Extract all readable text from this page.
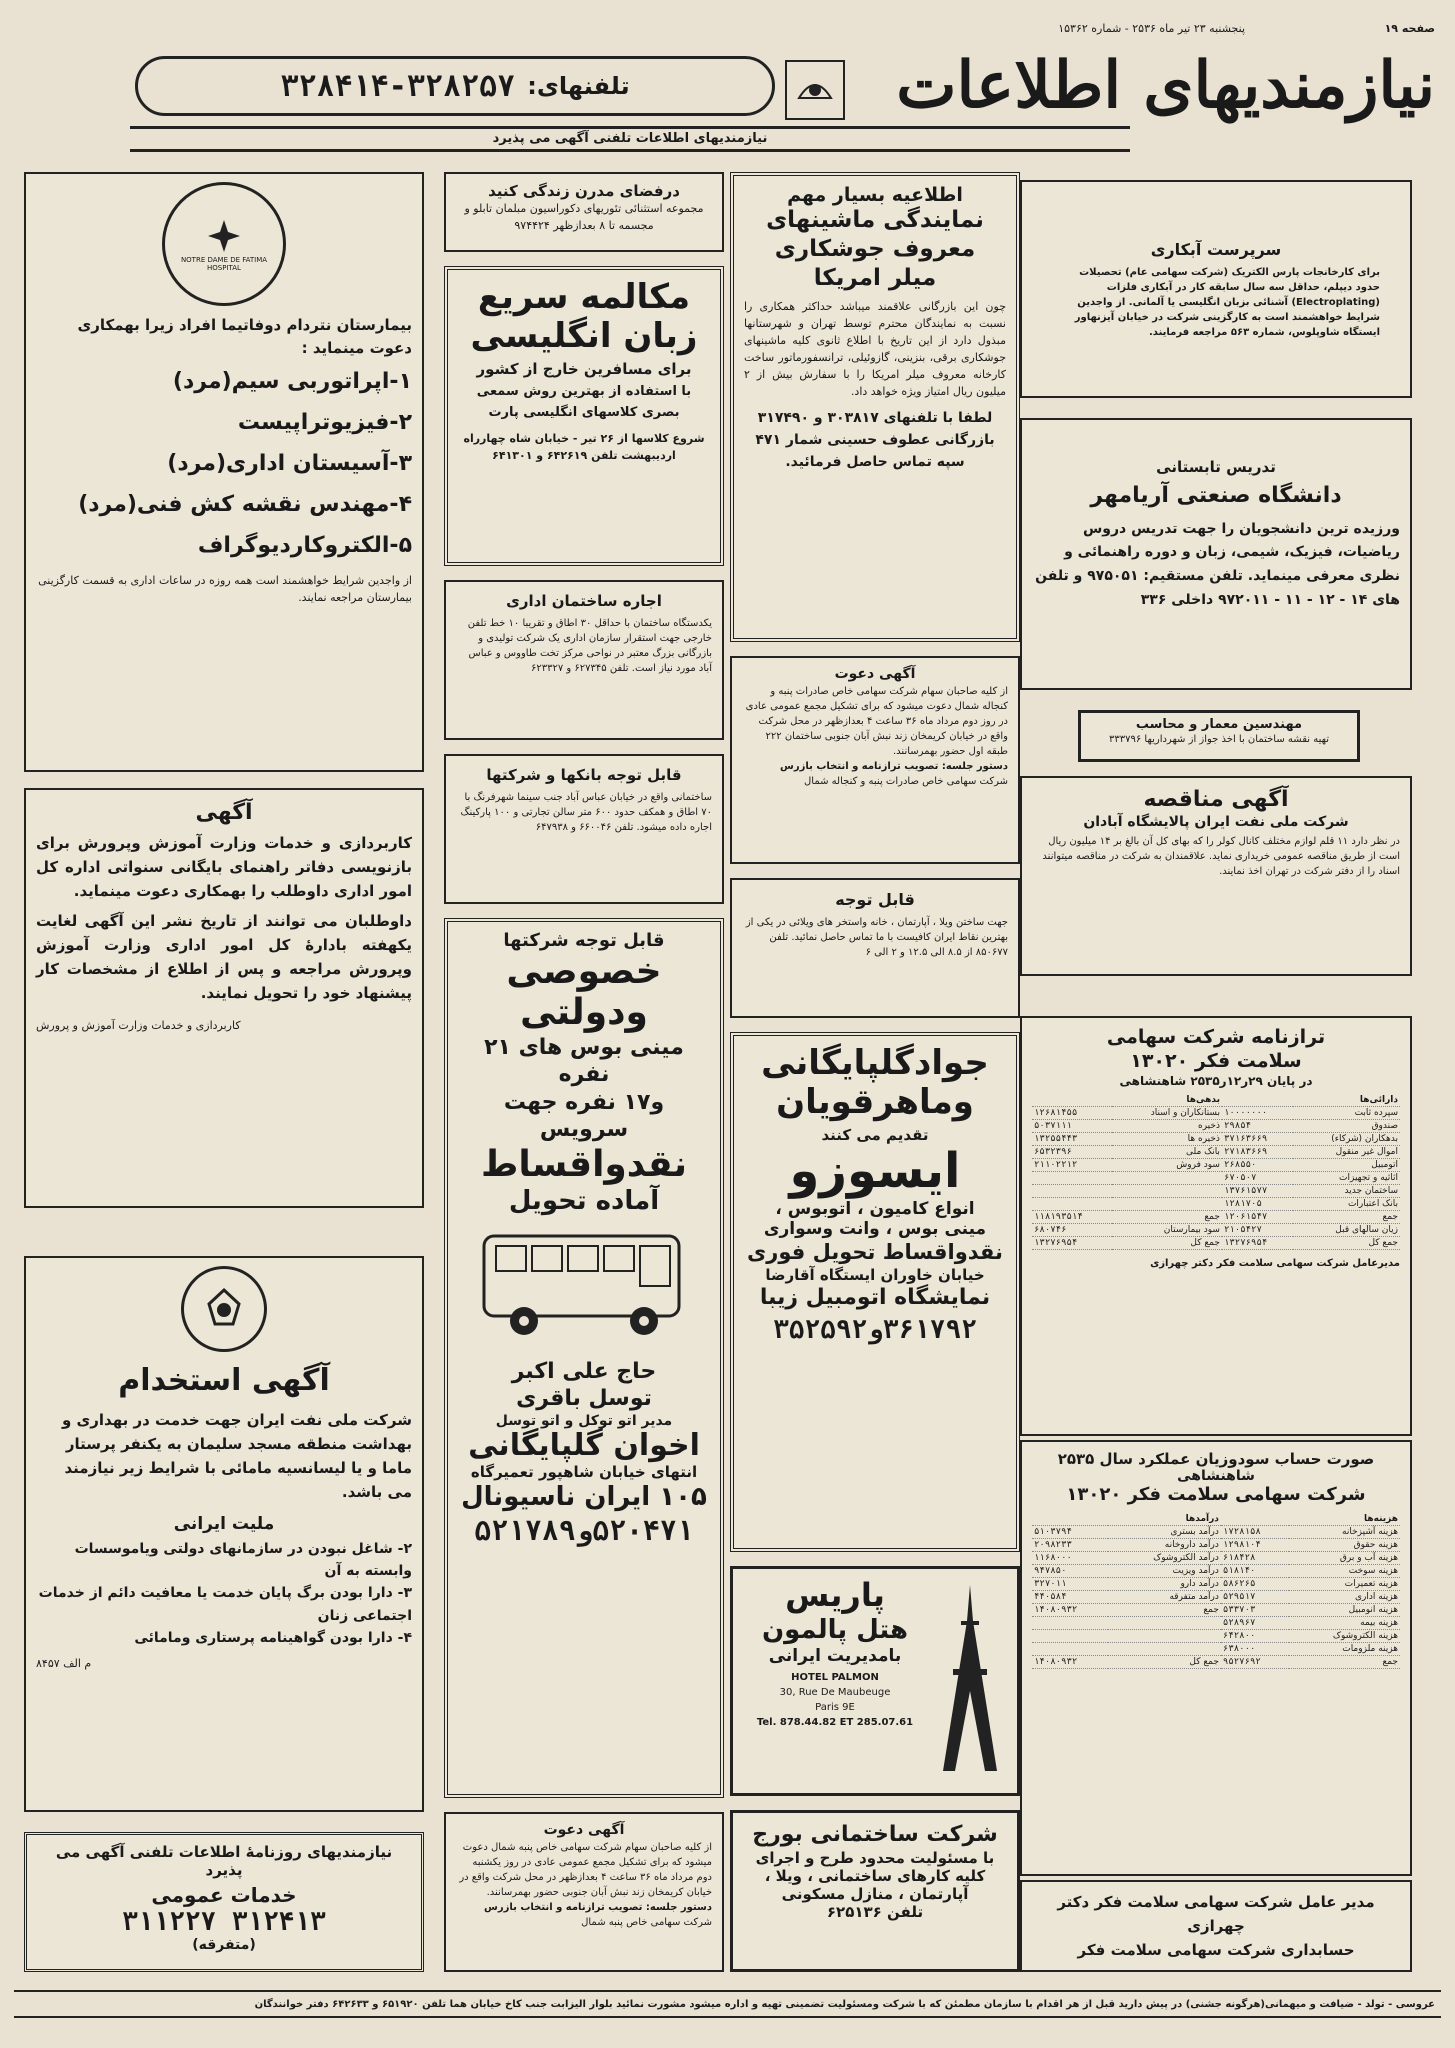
صفحه ۱۹
پنجشنبه ۲۳ تیر ماه ۲۵۳۶ - شماره ۱۵۳۶۲
نیازمندیهای اطلاعات
تلفنهای:
۳۲۸۴۱۴-۳۲۸۲۵۷
نیازمندیهای اطلاعات تلفنی آگهی می پذیرد
NOTRE DAME DE FATIMA HOSPITAL
بیمارستان نتردام دوفاتیما افراد زیرا بهمکاری دعوت مینماید :
۱-اپراتوربی سیم(مرد)
۲-فیزیوتراپیست
۳-آسیستان اداری(مرد)
۴-مهندس نقشه کش فنی(مرد)
۵-الکتروکاردیوگراف
از واجدین شرایط خواهشمند است همه روزه در ساعات اداری به قسمت کارگزینی بیمارستان مراجعه نمایند.
آگهی
کاربردازی و خدمات وزارت آموزش وپرورش برای بازنویسی دفاتر راهنمای بایگانی سنواتی اداره کل امور اداری داوطلب را بهمکاری دعوت مینماید.
داوطلبان می توانند از تاریخ نشر این آگهی لغایت یکهفته بادارۀ کل امور اداری وزارت آموزش وپرورش مراجعه و پس از اطلاع از مشخصات کار پیشنهاد خود را تحویل نمایند.
کاربردازی و خدمات وزارت آموزش و پرورش
آگهی استخدام
شرکت ملی نفت ایران جهت خدمت در بهداری و بهداشت منطقه مسجد سلیمان به یکنفر پرستار ماما و یا لیسانسیه مامائی با شرایط زیر نیازمند می باشد.
ملیت ایرانی
۲- شاغل نبودن در سازمانهای دولتی ویاموسسات وابسته به آن
۳- دارا بودن برگ پایان خدمت یا معافیت دائم از خدمات اجتماعی زنان
۴- دارا بودن گواهینامه پرستاری ومامائی
م الف ۸۴۵۷
نیازمندیهای روزنامۀ اطلاعات تلفنی آگهی می پذیرد
خدمات عمومی
۳۱۲۴۱۳ ۳۱۱۲۲۷
(متفرقه)
درفضای مدرن زندگی کنید
مجموعه استثنائی تئوریهای دکوراسیون مبلمان تابلو و مجسمه تا ۸ بعدازظهر ۹۷۴۴۲۴
مکالمه سریع
زبان انگلیسی
برای مسافرین خارج از کشور
با استفاده از بهترین روش سمعی بصری کلاسهای انگلیسی پارت
شروع کلاسها از ۲۶ تیر - خیابان شاه چهارراه اردیبهشت تلفن ۶۴۲۶۱۹ و ۶۴۱۳۰۱
اجاره ساختمان اداری
یکدستگاه ساختمان با حداقل ۳۰ اطاق و تقریبا ۱۰ خط تلفن خارجی جهت استقرار سازمان اداری یک شرکت تولیدی و بازرگانی بزرگ معتبر در نواحی مرکز تخت طاووس و عباس آباد مورد نیاز است. تلفن ۶۲۷۳۴۵ و ۶۲۳۳۲۷
قابل توجه بانکها و شرکتها
ساختمانی واقع در خیابان عباس آباد جنب سینما شهرفرنگ با ۷۰ اطاق و همکف حدود ۶۰۰ متر سالن تجارتی و ۱۰۰ پارکینگ اجاره داده میشود. تلفن ۶۶۰۰۴۶ و ۶۴۷۹۳۸
قابل توجه شرکتها
خصوصی
ودولتی
مینی بوس های ۲۱ نفره
و۱۷ نفره جهت سرویس
نقدواقساط
آماده تحویل
حاج علی اکبر
توسل باقری
مدیر اتو توکل و اتو توسل
اخوان گلپایگانی
انتهای خیابان شاهپور تعمیرگاه
۱۰۵ ایران ناسیونال
۵۲۰۴۷۱و۵۲۱۷۸۹
آگهی دعوت
از کلیه صاحبان سهام شرکت سهامی خاص پنبه شمال دعوت میشود که برای تشکیل مجمع عمومی عادی در روز یکشنبه دوم مرداد ماه ۳۶ ساعت ۴ بعدازظهر در محل شرکت واقع در خیابان کریمخان زند نبش آبان جنوبی حضور بهمرسانند.
دستور جلسه: تصویب ترازنامه و انتخاب بازرس
شرکت سهامی خاص پنبه شمال
اطلاعیه بسیار مهم
نمایندگی ماشینهای
معروف جوشکاری
میلر امریکا
چون این بازرگانی علاقمند میباشد حداکثر همکاری را نسبت به نمایندگان محترم توسط تهران و شهرستانها مبذول دارد از این تاریخ با اطلاع ثانوی کلیه ماشینهای جوشکاری برقی، بنزینی، گازوئیلی، ترانسفورماتور ساخت کارخانه معروف میلر امریکا را با سفارش بیش از ۲ میلیون ریال امتیاز ویژه خواهد داد.
لطفا با تلفنهای ۳۰۳۸۱۷ و ۳۱۷۴۹۰ بازرگانی عطوف حسینی شمار ۴۷۱ سپه تماس حاصل فرمائید.
آگهی دعوت
از کلیه صاحبان سهام شرکت سهامی خاص صادرات پنبه و کنجاله شمال دعوت میشود که برای تشکیل مجمع عمومی عادی در روز دوم مرداد ماه ۳۶ ساعت ۴ بعدازظهر در محل شرکت واقع در خیابان کریمخان زند نبش آبان جنوبی ساختمان ۲۲۲ طبقه اول حضور بهمرسانند.
دستور جلسه: تصویب ترازنامه و انتخاب بازرس
شرکت سهامی خاص صادرات پنبه و کنجاله شمال
قابل توجه
جهت ساختن ویلا ، آپارتمان ، خانه واستخر های ویلائی در یکی از بهترین نقاط ایران کافیست با ما تماس حاصل نمائید. تلفن ۸۵۰۶۷۷ از ۸.۵ الی ۱۲.۵ و ۲ الی ۶
جوادگلپایگانی
وماهرقویان
تقدیم می کنند
ایسوزو
انواع کامیون ، اتوبوس ،
مینی بوس ، وانت وسواری
نقدواقساط تحویل فوری
خیابان خاوران ایستگاه آقارضا
نمایشگاه اتومبیل زیبا
۳۶۱۷۹۲و۳۵۲۵۹۲
پاریس
هتل پالمون
بامدیریت ایرانی
HOTEL PALMON
30, Rue De Maubeuge
Paris 9E
Tel. 878.44.82 ET 285.07.61
شرکت ساختمانی بورج
با مسئولیت محدود طرح و اجرای
کلیه کارهای ساختمانی ، ویلا ،
آپارتمان ، منازل مسکونی
تلفن ۶۲۵۱۳۶
سرپرست آبکاری
برای کارخانجات پارس الکتریک (شرکت سهامی عام) تحصیلات حدود دیپلم، حداقل سه سال سابقه کار در آبکاری فلزات (Electroplating) آشنائی بزبان انگلیسی یا آلمانی. از واجدین شرایط خواهشمند است به کارگزینی شرکت در خیابان آیزنهاور ایستگاه شاوپلوس، شماره ۵۶۳ مراجعه فرمایند.
تدریس تابستانی
دانشگاه صنعتی آریامهر
ورزیده ترین دانشجویان را جهت تدریس دروس ریاضیات، فیزیک، شیمی، زبان و دوره راهنمائی و نظری معرفی مینماید. تلفن مستقیم: ۹۷۵۰۵۱ و تلفن های ۱۴ - ۱۲ - ۱۱ - ۹۷۲۰۱۱ داخلی ۳۳۶
مهندسین معمار و محاسب
تهیه نقشه ساختمان با اخذ جواز از شهرداریها ۳۳۳۷۹۶
آگهی مناقصه
شرکت ملی نفت ایران پالایشگاه آبادان
در نظر دارد ۱۱ قلم لوازم مختلف کانال کولر را که بهای کل آن بالغ بر ۱۴ میلیون ریال است از طریق مناقصه عمومی خریداری نماید. علاقمندان به شرکت در مناقصه میتوانند اسناد را از دفتر شرکت در تهران اخذ نمایند.
ترازنامه شرکت سهامی
سلامت فکر ۱۳۰۲۰
در پایان ۲۹ر۱۲ر۲۵۳۵ شاهنشاهی
دارائی‌ها		بدهی‌ها	
سپرده ثابت	۱۰۰۰۰۰۰۰	بستانکاران و اسناد	۱۲۶۸۱۴۵۵
صندوق	۲۹۸۵۴	ذخیره	۵۰۳۷۱۱۱
بدهکاران (شرکاء)	۳۷۱۶۳۶۶۹	ذخیره ها	۱۳۲۵۵۴۴۳
اموال غیر منقول	۲۷۱۸۳۶۶۹	بانک ملی	۶۵۳۲۳۹۶
اتومبیل	۲۶۸۵۵۰	سود فروش	۲۱۱۰۲۲۱۲
اثاثیه و تجهیزات	۶۷۰۵۰۷		
ساختمان جدید	۱۳۷۶۱۵۷۷		
بانک اعتبارات	۱۲۸۱۷۰۵		
جمع	۱۲۰۶۱۵۴۷	جمع	۱۱۸۱۹۳۵۱۴
زیان سالهای قبل	۲۱۰۵۴۲۷	سود بیمارستان	۶۸۰۷۴۶
جمع کل	۱۳۲۷۶۹۵۴	جمع کل	۱۳۲۷۶۹۵۴
مدیرعامل شرکت سهامی سلامت فکر دکتر چهرازی
صورت حساب سودوزیان عملکرد سال ۲۵۳۵
شاهنشاهی
شرکت سهامی سلامت فکر ۱۳۰۲۰
هزینه‌ها		درآمدها	
هزینه آشپزخانه	۱۷۲۸۱۵۸	درآمد بستری	۵۱۰۳۷۹۴
هزینه حقوق	۱۲۹۸۱۰۴	درآمد داروخانه	۲۰۹۸۲۳۳
هزینه آب و برق	۶۱۸۴۲۸	درآمد الکتروشوک	۱۱۶۸۰۰۰
هزینه سوخت	۵۱۸۱۴۰	درآمد ویزیت	۹۴۷۸۵۰
هزینه تعمیرات	۵۸۶۲۶۵	درآمد دارو	۳۲۷۰۱۱
هزینه اداری	۵۲۹۵۱۷	درآمد متفرقه	۴۴۰۵۸۴
هزینه انومبیل	۵۳۳۷۰۳	جمع	۱۴۰۸۰۹۳۲
هزینه بیمه	۵۲۸۹۶۷		
هزینه الکتروشوک	۶۴۲۸۰۰		
هزینه ملزومات	۶۳۸۰۰۰		
جمع	۹۵۲۷۶۹۲	جمع کل	۱۴۰۸۰۹۳۲
مدیر عامل شرکت سهامی سلامت فکر دکتر چهرازی
حسابداری شرکت سهامی سلامت فکر
عروسی - تولد - ضیافت و میهمانی(هرگونه جشنی) در پیش دارید قبل از هر اقدام با سازمان مطمئن که با شرکت ومسئولیت تضمینی تهیه و اداره میشود مشورت نمائید بلوار الیزابت جنب کاخ خیابان هما تلفن ۶۵۱۹۲۰ و ۶۴۲۶۳۳ دفتر خوانندگان
